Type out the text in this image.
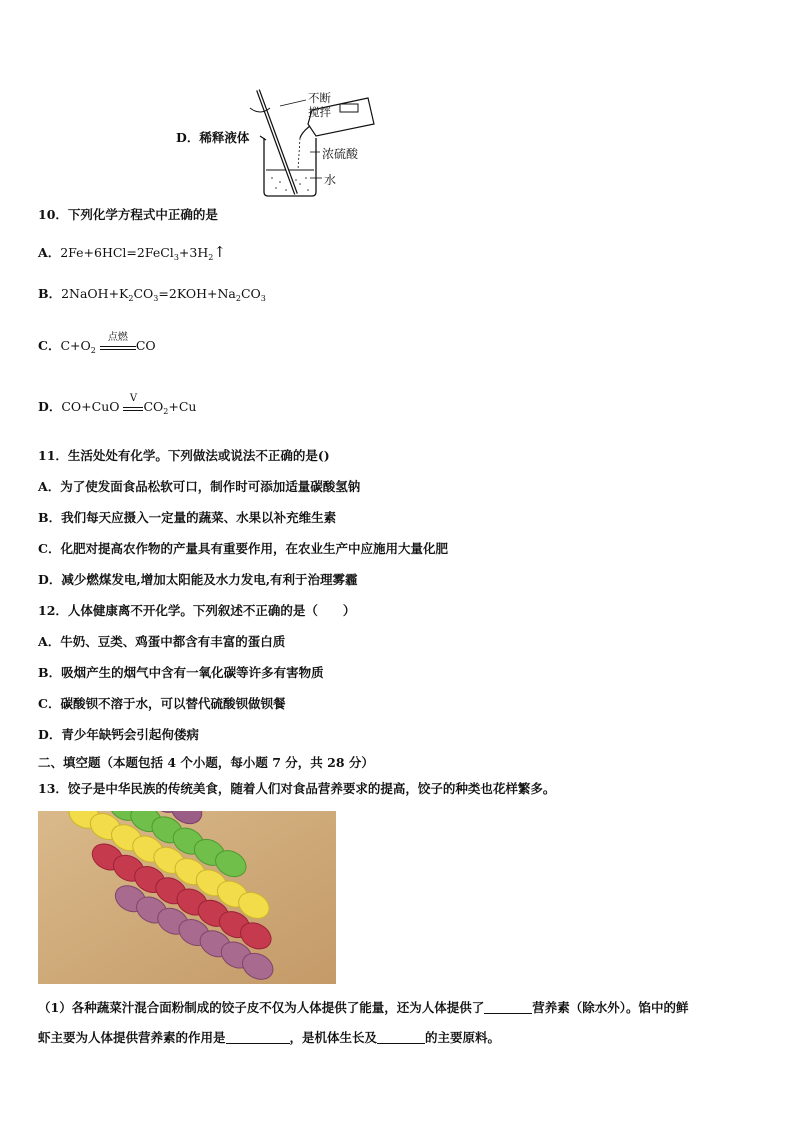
D．稀释液体
不断
搅拌
浓硫酸
水
10．下列化学方程式中正确的是
A．$2Fe+6HCl=2FeCl_3+3H_2↑$
B．$2NaOH+K_2CO_3=2KOH+Na_2CO_3$
C．$C+O_2$
点燃
CO
D．CO+CuO
V
$CO_2+Cu$
11．生活处处有化学。下列做法或说法不正确的是()
A．为了使发面食品松软可口，制作时可添加适量碳酸氢钠
B．我们每天应摄入一定量的蔬菜、水果以补充维生素
C．化肥对提高农作物的产量具有重要作用，在农业生产中应施用大量化肥
D．减少燃煤发电,增加太阳能及水力发电,有利于治理雾霾
12．人体健康离不开化学。下列叙述不正确的是（　　）
A．牛奶、豆类、鸡蛋中都含有丰富的蛋白质
B．吸烟产生的烟气中含有一氧化碳等许多有害物质
C．碳酸钡不溶于水，可以替代硫酸钡做钡餐
D．青少年缺钙会引起佝偻病
二、填空题（本题包括 4 个小题，每小题 7 分，共 28 分）
13．饺子是中华民族的传统美食，随着人们对食品营养要求的提高，饺子的种类也花样繁多。
（1）各种蔬菜汁混合面粉制成的饺子皮不仅为人体提供了能量，还为人体提供了	营养素（除水外）。馅中的鲜
虾主要为人体提供营养素的作用是	，是机体生长及	的主要原料。
